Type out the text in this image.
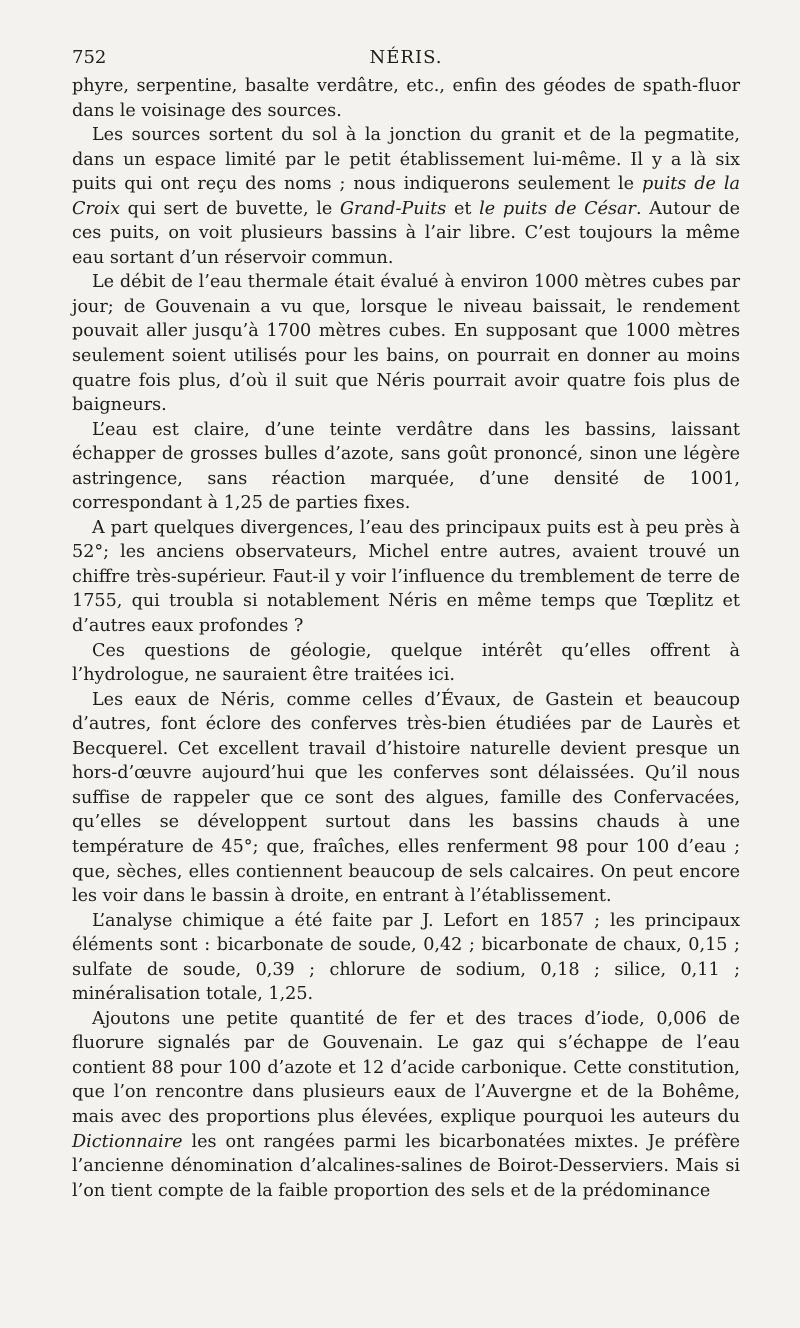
752	NÉRIS.

phyre, serpentine, basalte verdâtre, etc., enfin des géodes de spath-fluor dans le voisinage des sources.

Les sources sortent du sol à la jonction du granit et de la pegmatite, dans un espace limité par le petit établissement lui-même. Il y a là six puits qui ont reçu des noms ; nous indiquerons seulement le puits de la Croix qui sert de buvette, le Grand-Puits et le puits de César. Autour de ces puits, on voit plusieurs bassins à l’air libre. C’est toujours la même eau sortant d’un réservoir commun.

Le débit de l’eau thermale était évalué à environ 1000 mètres cubes par jour; de Gouvenain a vu que, lorsque le niveau baissait, le rendement pouvait aller jusqu’à 1700 mètres cubes. En supposant que 1000 mètres seulement soient utilisés pour les bains, on pourrait en donner au moins quatre fois plus, d’où il suit que Néris pourrait avoir quatre fois plus de baigneurs.

L’eau est claire, d’une teinte verdâtre dans les bassins, laissant échapper de grosses bulles d’azote, sans goût prononcé, sinon une légère astringence, sans réaction marquée, d’une densité de 1001, correspondant à 1,25 de parties fixes.

A part quelques divergences, l’eau des principaux puits est à peu près à 52°; les anciens observateurs, Michel entre autres, avaient trouvé un chiffre très-supérieur. Faut-il y voir l’influence du tremblement de terre de 1755, qui troubla si notablement Néris en même temps que Tœplitz et d’autres eaux profondes ?

Ces questions de géologie, quelque intérêt qu’elles offrent à l’hydrologue, ne sauraient être traitées ici.

Les eaux de Néris, comme celles d’Évaux, de Gastein et beaucoup d’autres, font éclore des conferves très-bien étudiées par de Laurès et Becquerel. Cet excellent travail d’histoire naturelle devient presque un hors-d’œuvre aujourd’hui que les conferves sont délaissées. Qu’il nous suffise de rappeler que ce sont des algues, famille des Confervacées, qu’elles se développent surtout dans les bassins chauds à une température de 45°; que, fraîches, elles renferment 98 pour 100 d’eau ; que, sèches, elles contiennent beaucoup de sels calcaires. On peut encore les voir dans le bassin à droite, en entrant à l’établissement.

L’analyse chimique a été faite par J. Lefort en 1857 ; les principaux éléments sont : bicarbonate de soude, 0,42 ; bicarbonate de chaux, 0,15 ; sulfate de soude, 0,39 ; chlorure de sodium, 0,18 ; silice, 0,11 ; minéralisation totale, 1,25.

Ajoutons une petite quantité de fer et des traces d’iode, 0,006 de fluorure signalés par de Gouvenain. Le gaz qui s’échappe de l’eau contient 88 pour 100 d’azote et 12 d’acide carbonique. Cette constitution, que l’on rencontre dans plusieurs eaux de l’Auvergne et de la Bohême, mais avec des proportions plus élevées, explique pourquoi les auteurs du Dictionnaire les ont rangées parmi les bicarbonatées mixtes. Je préfère l’ancienne dénomination d’alcalines-salines de Boirot-Desserviers. Mais si l’on tient compte de la faible proportion des sels et de la prédominance
